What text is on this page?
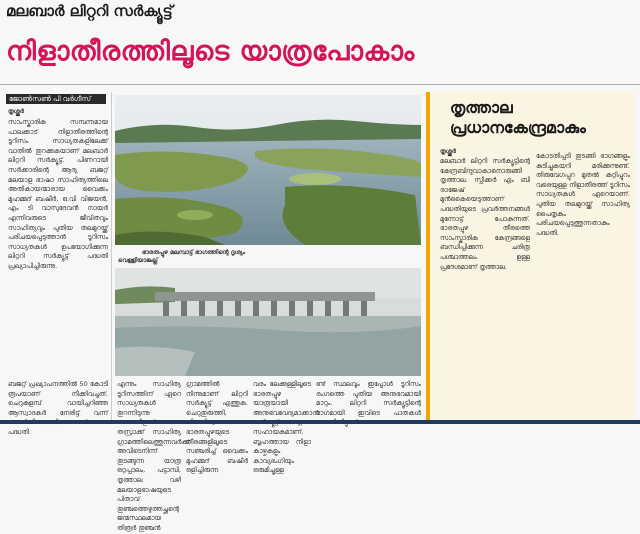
മലബാർ ലിറ്ററി സർക്യൂട്ട്
നിളാതീരത്തിലൂടെ യാത്രപോകാം
ജോൺസൺ പി വർഗീസ്
തൃശ്ശൂർ

സാംസ്കാരിക സമ്പന്നമായ പാലക്കാട് നിളാതീരത്തിന്റെ ടൂറിസം സാധ്യതകളിലേക്ക് വാതിൽ തുറക്കുകയാണ് മലബാർ ലിറ്ററി സർക്യൂട്ട്. പിണറായി സർക്കാരിന്റെ ആദ്യ ബജറ്റ് മലയാള ഭാഷാ സാഹിത്യത്തിലെ അതികായന്മാരായ വൈക്കം മുഹമ്മദ് ബഷീർ, ഒ.വി വിജയൻ, എം ടി വാസുദേവൻ നായർ എന്നിവരുടെ ജീവിതവും സാഹിത്യവും പുതിയ തലമുറയ്ക്ക് പരിചയപ്പെടുത്താൻ ടൂറിസം സാധ്യതകൾ ഉപയോഗിക്കുന്ന ലിറ്ററി സർക്യൂട്ട് പദ്ധതി പ്രഖ്യാപിച്ചിരുന്നു.

ബജറ്റ് പ്രഖ്യാപനത്തിൽ 50 കോടി രൂപയാണ് നീക്കിവച്ചത്. ചെറുകുളമ്പ് വായിച്ചറിഞ്ഞ ആസ്വാദകർ നേരിട്ട് വന്ന് പദ്ധതി.

ഭാരതപ്പുഴ മലമ്പാട്ട് ഭാഗത്തിന്റെ ദൃശ്യം
വെള്ളിയാങ്കല്ല്

എന്നും സാഹിത്യ ടൂറിസത്തിന് ഏറെ സാധ്യതകൾ തുറന്നിടുന്നു തസ്രാക്ക് സാഹിത്യ ഗ്രാമത്തിലെത്തുന്നവർക്ക് അവിടെനിന്ന് തുടങ്ങുന്ന യാത്ര ഒറ്റപ്പാലം, പട്ടാമ്പി, തൃത്താല വഴി മലയാളഭാഷയുടെ പിതാവ് തുഞ്ചത്തെഴുത്തച്ഛന്റെ ജന്മസ്ഥലമായ തിരൂർ തുഞ്ചൻ

ഗ്രാമത്തിൽ നിന്നുമാണ് ലിറ്ററി സർക്യൂട്ട് എത്തുക. ചെറുതുരുത്തി, ഭാരതപ്പുഴയുടെ തീരങ്ങളിലൂടെ സഞ്ചരിച്ച് വൈക്കം മുഹമ്മദ് ബഷീർ ഒളിച്ചിരുന്ന

വരം ലേക്കുള്ളിലൂടെ ഭാരതപ്പുഴ യാത്രയായി അനുഭവവേദ്യമാക്കാൻ സഹായകമാണ്. ബൃഹത്തായ നിളാ കാഴ്ചകളും കാവ്യഭംഗിയും ഒരുമിച്ചുള്ള

ണ്ട് സ്ഥലവും ഇപ്പോൾ ടൂറിസം രംഗത്തെ പുതിയ അനുഭവമായി മാറും. ലിറ്ററി സർക്യൂട്ടിന്റെ ഭാഗമായി ഇവിടെ പാതകൾ

തൃത്താല പ്രധാനകേന്ദ്രമാകും
തൃശ്ശൂർ

മലബാർ ലിറ്ററി സർക്യൂട്ടിന്റെ കേന്ദ്രബിന്ദുവാകാനൊരുങ്ങി തൃത്താല. സ്പീക്കർ എം ബി രാജേഷ് മുൻകൈയെടുത്താണ് പദ്ധതിയുടെ പ്രവർത്തനങ്ങൾ മുന്നോട്ട് പോകുന്നത്. ഭാരതപ്പുഴ തീരത്തെ സാംസ്കാരിക കേന്ദ്രങ്ങളെ ബന്ധിപ്പിക്കുന്ന ചരിത്ര പശ്ചാത്തലം ഉള്ള പ്രദേശമാണ് തൃത്താല.

കോടതിപ്പടി തുടങ്ങി ഭാഗങ്ങളും കുടിച്ചുകയറി മരിക്കുന്നുണ്ട്. തിരുവേഗപ്പുറ മുതൽ കുറ്റിപ്പുറം വരെയുള്ള നിളാതീരത്ത് ടൂറിസം സാധ്യതകൾ ഏറെയാണ്. പുതിയ തലമുറയ്ക്ക് സാഹിത്യ പൈതൃകം പരിചയപ്പെടുത്തുന്നതാകും പദ്ധതി.
